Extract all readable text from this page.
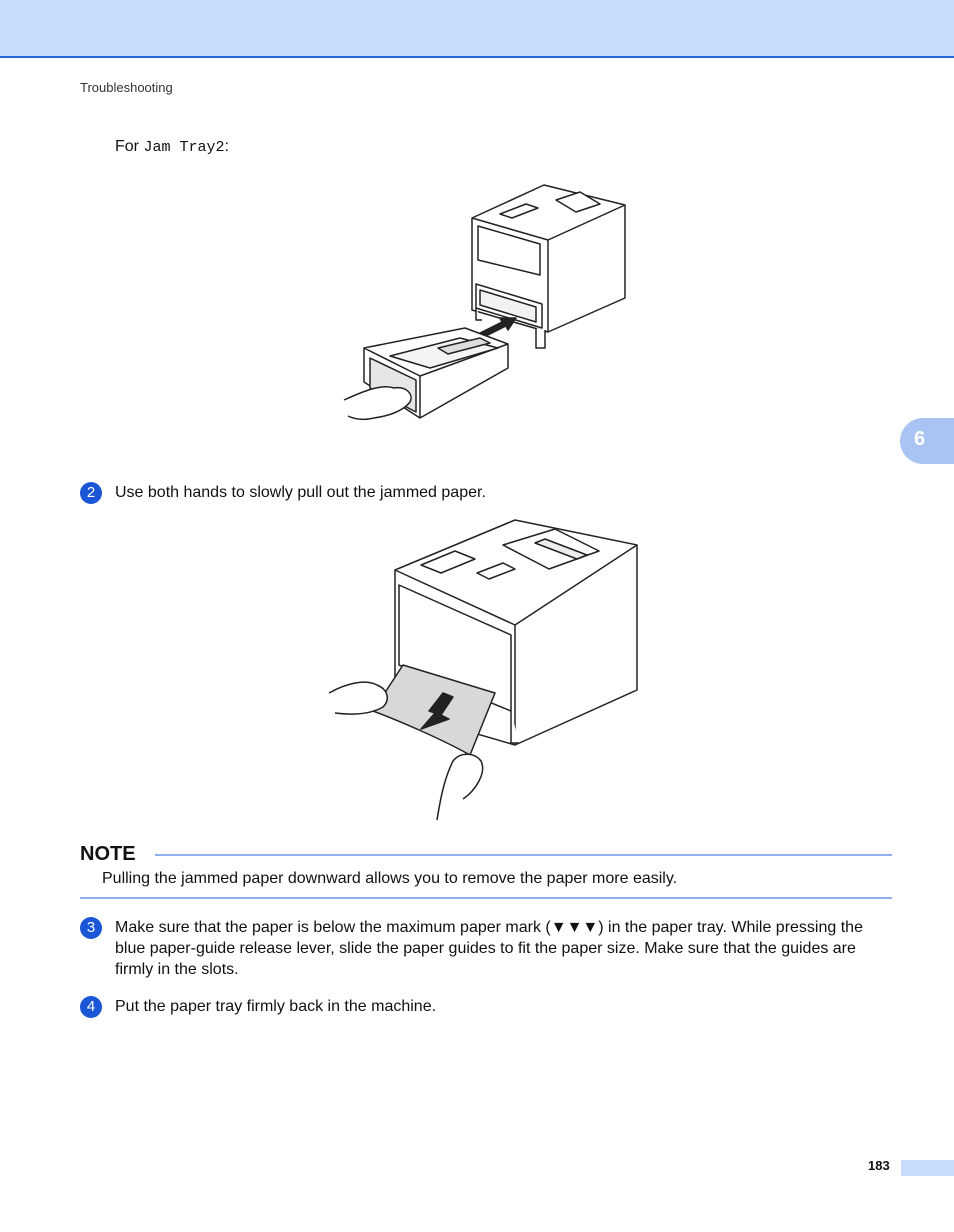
Troubleshooting
For Jam Tray2:
6
2	Use both hands to slowly pull out the jammed paper.
NOTE
Pulling the jammed paper downward allows you to remove the paper more easily.
3	Make sure that the paper is below the maximum paper mark (▼▼▼) in the paper tray. While pressing the blue paper-guide release lever, slide the paper guides to fit the paper size. Make sure that the guides are firmly in the slots.
4	Put the paper tray firmly back in the machine.
183
